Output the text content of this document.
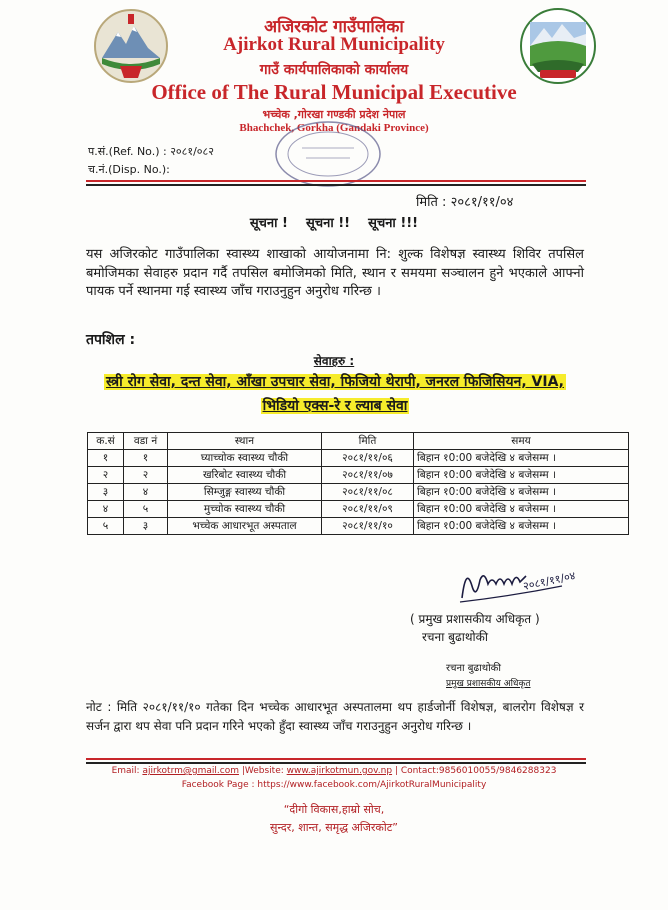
अजिरकोट गाउँपालिका
Ajirkot Rural Municipality
गाउँ कार्यपालिकाको कार्यालय
Office of The Rural Municipal Executive
भच्चेक ,गोरखा गण्डकी प्रदेश नेपाल
Bhachchek, Gorkha (Gandaki Province)
प.सं.(Ref. No.) : २०८१/०८२
च.नं.(Disp. No.):
मिति : २०८१/११/०४
सूचना !    सूचना !!    सूचना !!!
यस अजिरकोट गाउँपालिका स्वास्थ्य शाखाको आयोजनामा नि: शुल्क विशेषज्ञ स्वास्थ्य शिविर तपसिल बमोजिमका सेवाहरु प्रदान गर्दै तपसिल बमोजिमको मिति, स्थान र समयमा सञ्चालन हुने भएकाले आफ्नो पायक पर्ने स्थानमा गई स्वास्थ्य जाँच गराउनुहुन अनुरोध गरिन्छ ।
तपशिल :
सेवाहरु :
स्त्री रोग सेवा, दन्त सेवा, आँखा उपचार सेवा, फिजियो थेरापी, जनरल फिजिसियन, VIA, भिडियो एक्स-रे र ल्याब सेवा
क.सं	वडा नं	स्थान	मिति	समय
१	१	घ्याच्चोक स्वास्थ्य चौकी	२०८१/११/०६	बिहान १0:00 बजेदेखि ४ बजेसम्म ।
२	२	खरिबोट स्वास्थ्य चौकी	२०८१/११/०७	बिहान १0:00 बजेदेखि ४ बजेसम्म ।
३	४	सिम्जुङ्ग स्वास्थ्य चौकी	२०८१/११/०८	बिहान १0:00 बजेदेखि ४ बजेसम्म ।
४	५	मुच्चोक स्वास्थ्य चौकी	२०८१/११/०९	बिहान १0:00 बजेदेखि ४ बजेसम्म ।
५	३	भच्चेक आधारभूत अस्पताल	२०८१/११/१०	बिहान १0:00 बजेदेखि ४ बजेसम्म ।
२०८१/११/०४
( प्रमुख प्रशासकीय अधिकृत )
रचना बुढाथोकी
रचना बुढाथोकी
प्रमुख प्रशासकीय अधिकृत
नोट : मिति २०८१/११/१० गतेका दिन भच्चेक आधारभूत अस्पतालमा थप हार्डजोर्नी विशेषज्ञ, बालरोग विशेषज्ञ र सर्जन द्वारा थप सेवा पनि प्रदान गरिने भएकाे हुँदा स्वास्थ्य जाँच गराउनुहुन अनुरोध गरिन्छ ।
Email: ajirkotrm@gmail.com |Website: www.ajirkotmun.gov.np | Contact:9856010055/9846288323
Facebook Page : https://www.facebook.com/AjirkotRuralMunicipality
“दीगो विकास,हाम्रो सोच,
सुन्दर, शान्त, समृद्ध अजिरकोट”
